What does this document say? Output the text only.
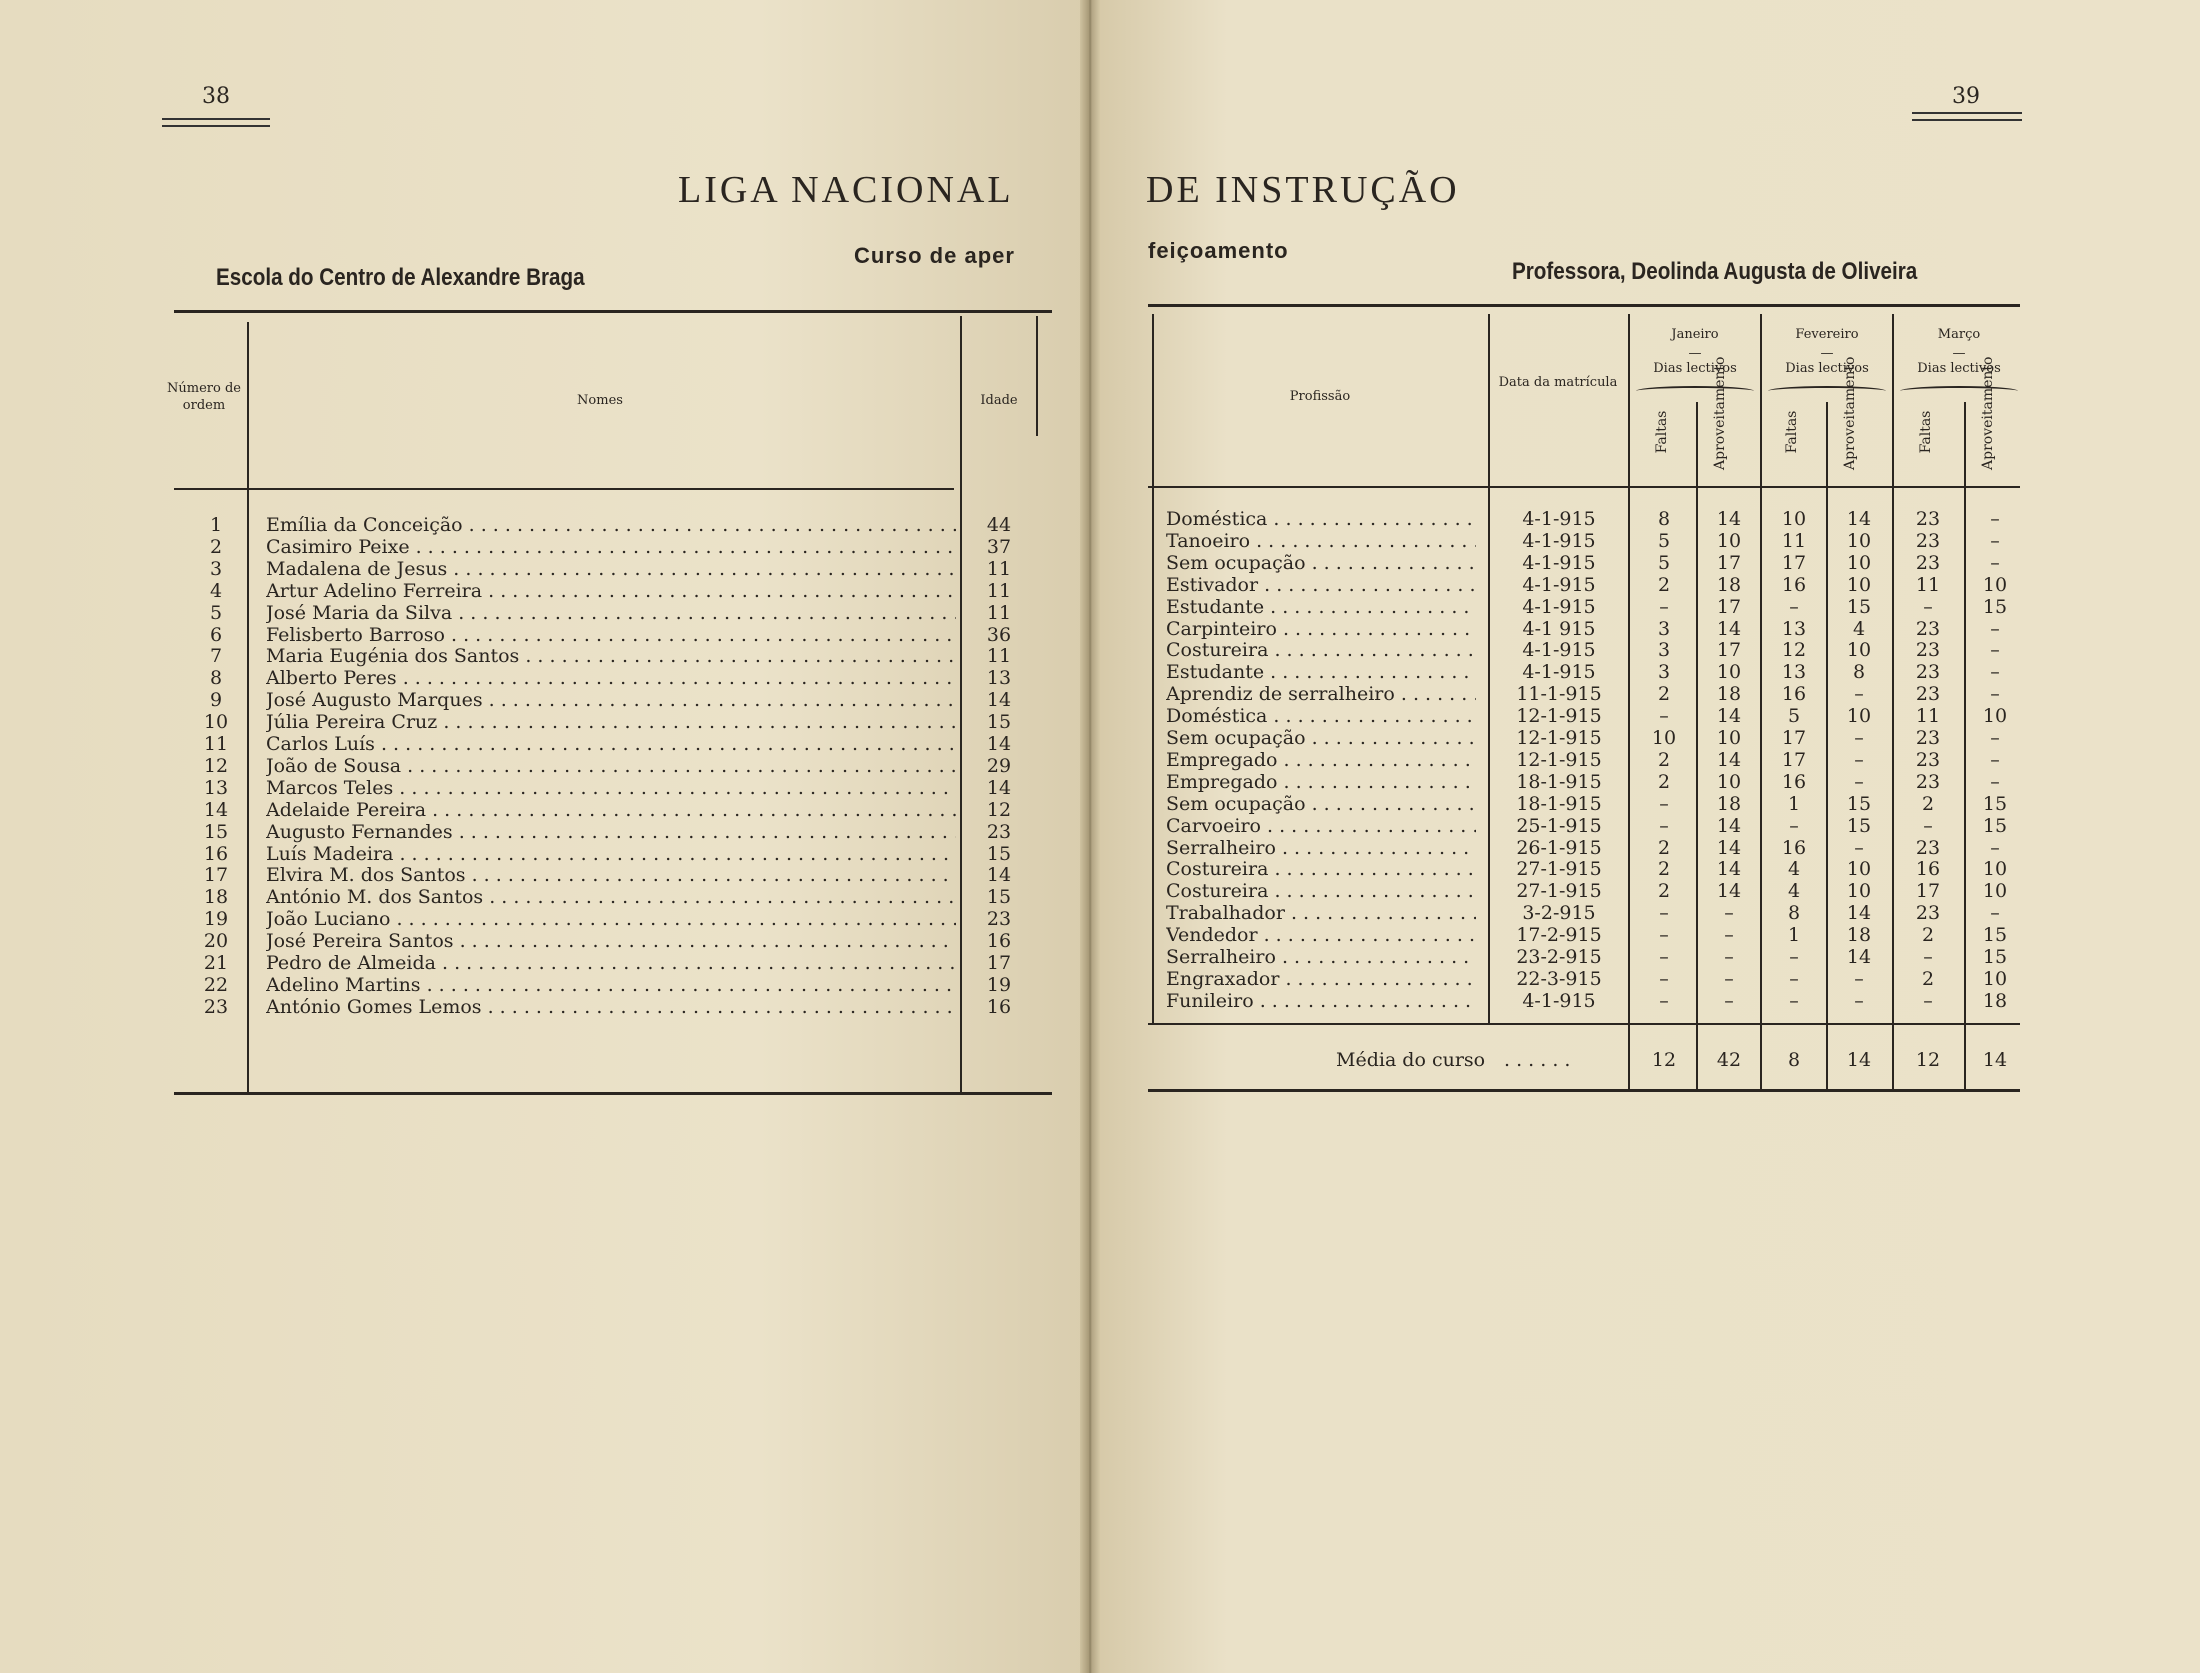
38
LIGA NACIONAL
Curso de aper
Escola do Centro de Alexandre Braga
39
DE INSTRUÇÃO
feiçoamento
Professora, Deolinda Augusta de Oliveira
Número de ordem	Nomes	Idade
1	Emília da Conceição . . .	44
2	Casimiro Peixe . . .	37
3	Madalena de Jesus . . .	11
4	Artur Adelino Ferreira . . .	11
5	José Maria da Silva . . .	11
6	Felisberto Barroso . . .	36
7	Maria Eugénia dos Santos . . .	11
8	Alberto Peres . . .	13
9	José Augusto Marques . . .	14
10	Júlia Pereira Cruz . . .	15
11	Carlos Luís . . .	14
12	João de Sousa . . .	29
13	Marcos Teles . . .	14
14	Adelaide Pereira . . .	12
15	Augusto Fernandes . . .	23
16	Luís Madeira . . .	15
17	Elvira M. dos Santos . . .	14
18	António M. dos Santos . . .	15
19	João Luciano . . .	23
20	José Pereira Santos . . .	16
21	Pedro de Almeida . . .	17
22	Adelino Martins . . .	19
23	António Gomes Lemos . . .	16
Profissão
Data da matrícula
Janeiro	Fevereiro	Março
—	—	—
Dias lectivos	Dias lectivos	Dias lectivos
Faltas	Aproveitamento	Faltas	Aproveitamento	Faltas	Aproveitamento
Doméstica . . .	4-1-915	8	14	10	14	23	–
Tanoeiro . . .	4-1-915	5	10	11	10	23	–
Sem ocupação . . .	4-1-915	5	17	17	10	23	–
Estivador . . .	4-1-915	2	18	16	10	11	10
Estudante . . .	4-1-915	–	17	–	15	–	15
Carpinteiro . . .	4-1 915	3	14	13	4	23	–
Costureira . . .	4-1-915	3	17	12	10	23	–
Estudante . . .	4-1-915	3	10	13	8	23	–
Aprendiz de serralheiro . . .	11-1-915	2	18	16	–	23	–
Doméstica . . .	12-1-915	–	14	5	10	11	10
Sem ocupação . . .	12-1-915	10	10	17	–	23	–
Empregado . . .	12-1-915	2	14	17	–	23	–
Empregado . . .	18-1-915	2	10	16	–	23	–
Sem ocupação . . .	18-1-915	–	18	1	15	2	15
Carvoeiro . . .	25-1-915	–	14	–	15	–	15
Serralheiro . . .	26-1-915	2	14	16	–	23	–
Costureira . . .	27-1-915	2	14	4	10	16	10
Costureira . . .	27-1-915	2	14	4	10	17	10
Trabalhador . . .	3-2-915	–	–	8	14	23	–
Vendedor . . .	17-2-915	–	–	1	18	2	15
Serralheiro . . .	23-2-915	–	–	–	14	–	15
Engraxador . . .	22-3-915	–	–	–	–	2	10
Funileiro . . .	4-1-915	–	–	–	–	–	18
Média do curso . . . . . .	12	42	8	14	12	14
